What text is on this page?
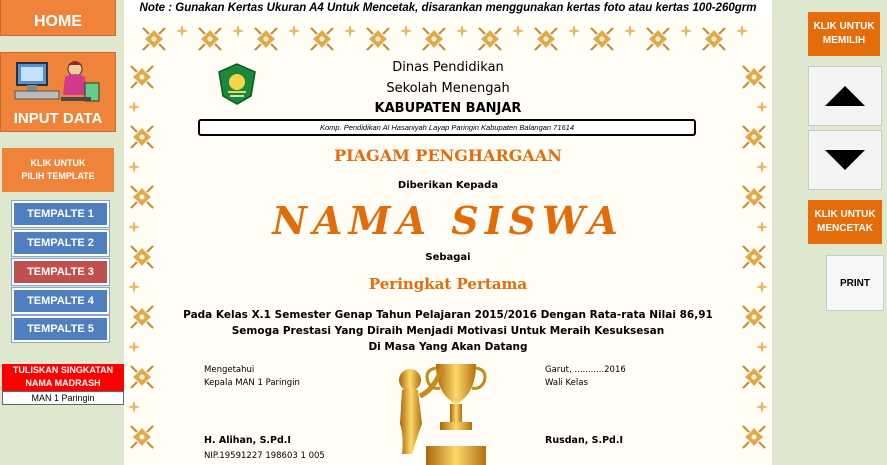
HOME
INPUT DATA
KLIK UNTUK
PILIH TEMPLATE
TEMPALTE 1
TEMPALTE 2
TEMPALTE 3
TEMPALTE 4
TEMPALTE 5
TULISKAN SINGKATAN NAMA MADRASH
MAN 1 Paringin
Note : Gunakan Kertas Ukuran A4 Untuk Mencetak, disarankan menggunakan kertas foto atau kertas 100-260grm
Dinas Pendidikan
Sekolah Menengah
KABUPATEN BANJAR
Komp. Pendidikan Al Hasaniyah Layap Paringin Kabupaten Balangan 71614
PIAGAM PENGHARGAAN
Diberikan Kepada
NAMA SISWA
Sebagai
Peringkat Pertama
Pada Kelas X.1 Semester Genap Tahun Pelajaran 2015/2016 Dengan Rata-rata Nilai 86,91
Semoga Prestasi Yang Diraih Menjadi Motivasi Untuk Meraih Kesuksesan
Di Masa Yang Akan Datang
Mengetahui
Kepala MAN 1 Paringin
H. Alihan, S.Pd.I
NIP.19591227 198603 1 005
Garut, ...........2016
Wali Kelas
Rusdan, S.Pd.I
KLIK UNTUK
MEMILIH
KLIK UNTUK
MENCETAK
PRINT
